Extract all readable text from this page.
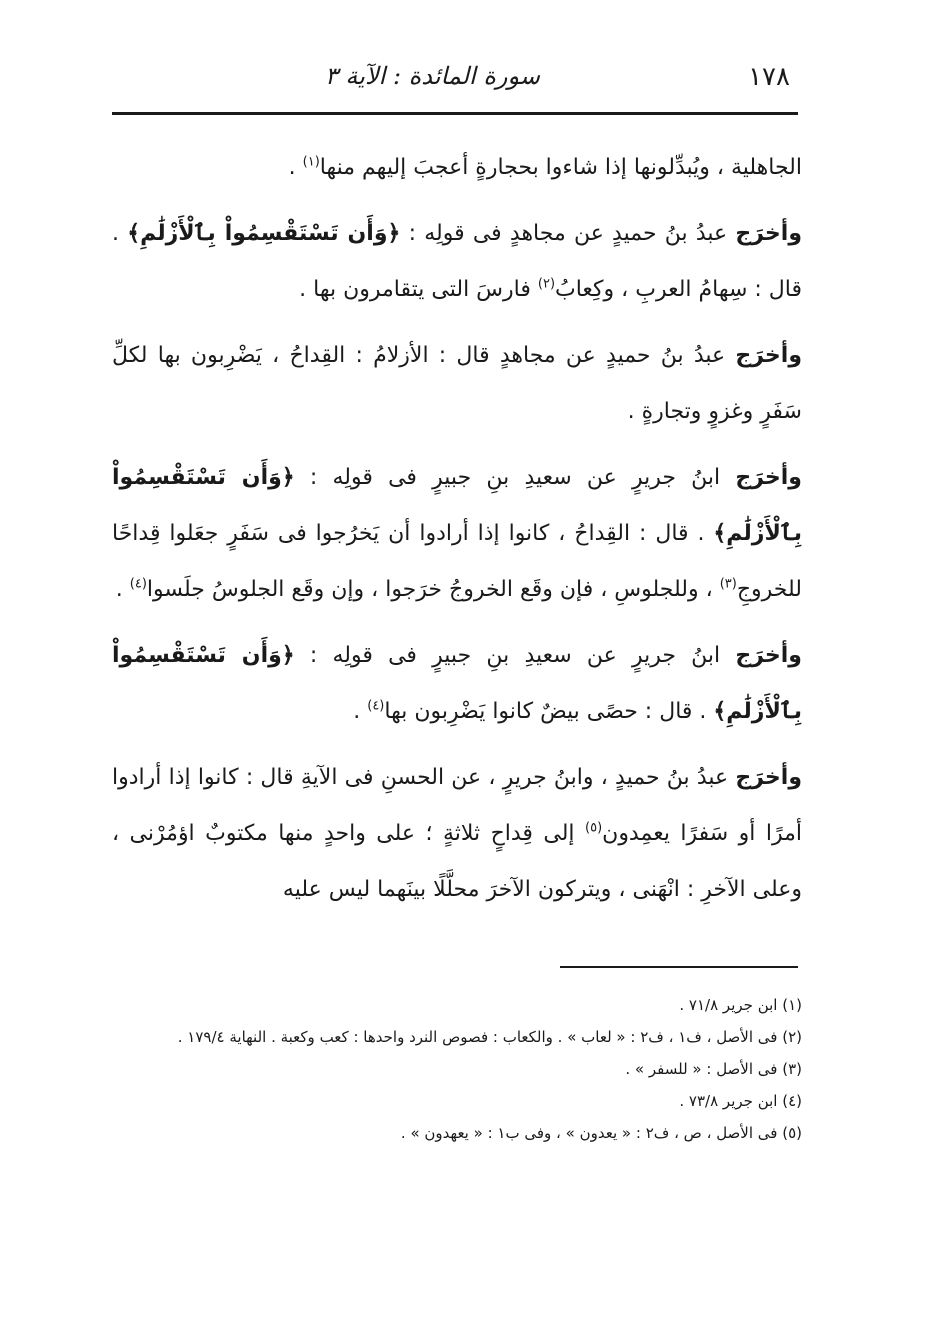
١٧٨
سورة المائدة : الآية ٣

الجاهلية ، ويُبدِّلونها إذا شاءوا بحجارةٍ أعجبَ إليهم منها$^{(١)}$ .

وأخرَج عبدُ بنُ حميدٍ عن مجاهدٍ فى قولِه : ﴿وَأَن تَسْتَقْسِمُواْ بِٱلْأَزْلَٰمِ﴾ . قال : سِهامُ العربِ ، وكِعابُ$^{(٢)}$ فارسَ التى يتقامرون بها .

وأخرَج عبدُ بنُ حميدٍ عن مجاهدٍ قال : الأزلامُ : القِداحُ ، يَضْرِبون بها لكلِّ سَفَرٍ وغزوٍ وتجارةٍ .

وأخرَج ابنُ جريرٍ عن سعيدِ بنِ جبيرٍ فى قولِه : ﴿وَأَن تَسْتَقْسِمُواْ بِٱلْأَزْلَٰمِ﴾ . قال : القِداحُ ، كانوا إذا أرادوا أن يَخرُجوا فى سَفَرٍ جعَلوا قِداحًا للخروجِ$^{(٣)}$ ، وللجلوسِ ، فإن وقَع الخروجُ خرَجوا ، وإن وقَع الجلوسُ جلَسوا$^{(٤)}$ .

وأخرَج ابنُ جريرٍ عن سعيدِ بنِ جبيرٍ فى قولِه : ﴿وَأَن تَسْتَقْسِمُواْ بِٱلْأَزْلَٰمِ﴾ . قال : حصًى بيضٌ كانوا يَضْرِبون بها$^{(٤)}$ .

وأخرَج عبدُ بنُ حميدٍ ، وابنُ جريرٍ ، عن الحسنِ فى الآيةِ قال : كانوا إذا أرادوا أمرًا أو سَفرًا يعمِدون$^{(٥)}$ إلى قِداحٍ ثلاثةٍ ؛ على واحدٍ منها مكتوبٌ اؤمُرْنى ، وعلى الآخرِ : انْهَنى ، ويتركون الآخرَ محلَّلًا بينَهما ليس عليه

(١) ابن جرير ٧١/٨ .

(٢) فى الأصل ، ف١ ، ف٢ : « لعاب » . والكعاب : فصوص النرد واحدها : كعب وكعبة . النهاية ١٧٩/٤ .

(٣) فى الأصل : « للسفر » .

(٤) ابن جرير ٧٣/٨ .

(٥) فى الأصل ، ص ، ف٢ : « يعدون » ، وفى ب١ : « يعهدون » .
